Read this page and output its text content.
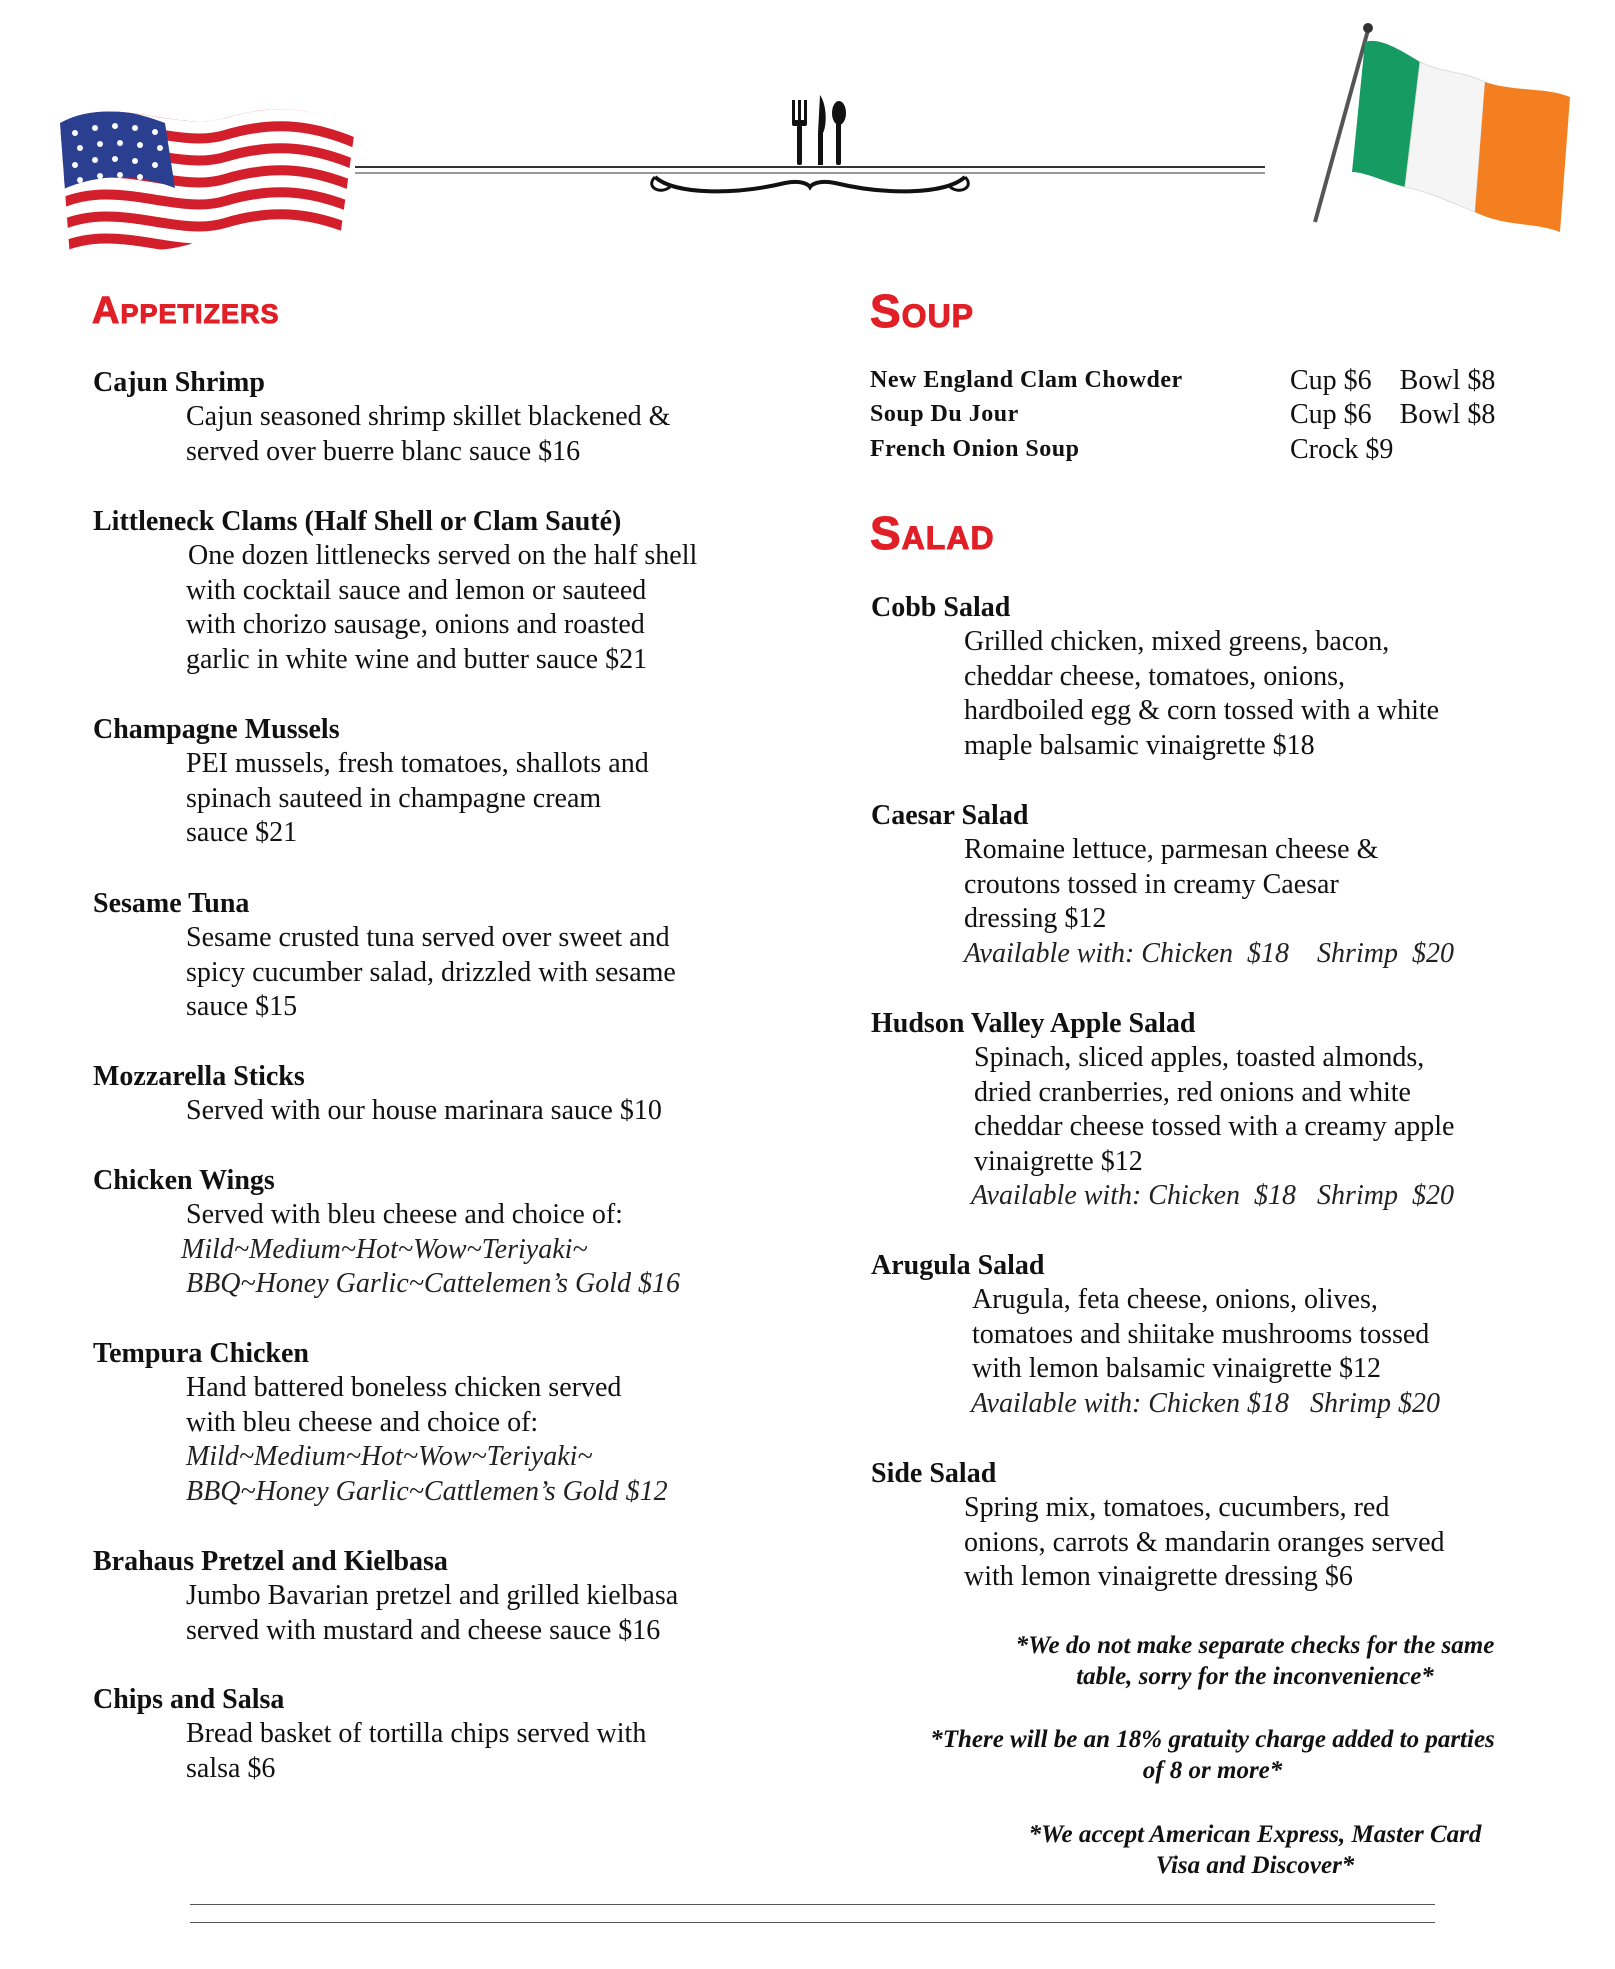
Appetizers	Soup
Salad
Cajun Shrimp
Cajun seasoned shrimp skillet blackened &
served over buerre blanc sauce $16
Littleneck Clams (Half Shell or Clam Sauté)
One dozen littlenecks served on the half shell
with cocktail sauce and lemon or sauteed
with chorizo sausage, onions and roasted
garlic in white wine and butter sauce $21
Champagne Mussels
PEI mussels, fresh tomatoes, shallots and
spinach sauteed in champagne cream
sauce $21
Sesame Tuna
Sesame crusted tuna served over sweet and
spicy cucumber salad, drizzled with sesame
sauce $15
Mozzarella Sticks
Served with our house marinara sauce $10
Chicken Wings
Served with bleu cheese and choice of:
Mild~Medium~Hot~Wow~Teriyaki~
BBQ~Honey Garlic~Cattelemen’s Gold $16
Tempura Chicken
Hand battered boneless chicken served
with bleu cheese and choice of:
Mild~Medium~Hot~Wow~Teriyaki~
BBQ~Honey Garlic~Cattlemen’s Gold $12
Brahaus Pretzel and Kielbasa
Jumbo Bavarian pretzel and grilled kielbasa
served with mustard and cheese sauce $16
Chips and Salsa
Bread basket of tortilla chips served with
salsa $6
New England Clam Chowder	Cup $6    Bowl $8
Soup Du Jour	Cup $6    Bowl $8
French Onion Soup	Crock $9
Cobb Salad
Grilled chicken, mixed greens, bacon,
cheddar cheese, tomatoes, onions,
hardboiled egg & corn tossed with a white
maple balsamic vinaigrette $18
Caesar Salad
Romaine lettuce, parmesan cheese &
croutons tossed in creamy Caesar
dressing $12
Available with: Chicken  $18    Shrimp  $20
Hudson Valley Apple Salad
Spinach, sliced apples, toasted almonds,
dried cranberries, red onions and white
cheddar cheese tossed with a creamy apple
vinaigrette $12
Available with: Chicken  $18   Shrimp  $20
Arugula Salad
Arugula, feta cheese, onions, olives,
tomatoes and shiitake mushrooms tossed
with lemon balsamic vinaigrette $12
Available with: Chicken $18   Shrimp $20
Side Salad
Spring mix, tomatoes, cucumbers, red
onions, carrots & mandarin oranges served
with lemon vinaigrette dressing $6
*We do not make separate checks for the same
table, sorry for the inconvenience*
*There will be an 18% gratuity charge added to parties
of 8 or more*
*We accept American Express, Master Card
Visa and Discover*
